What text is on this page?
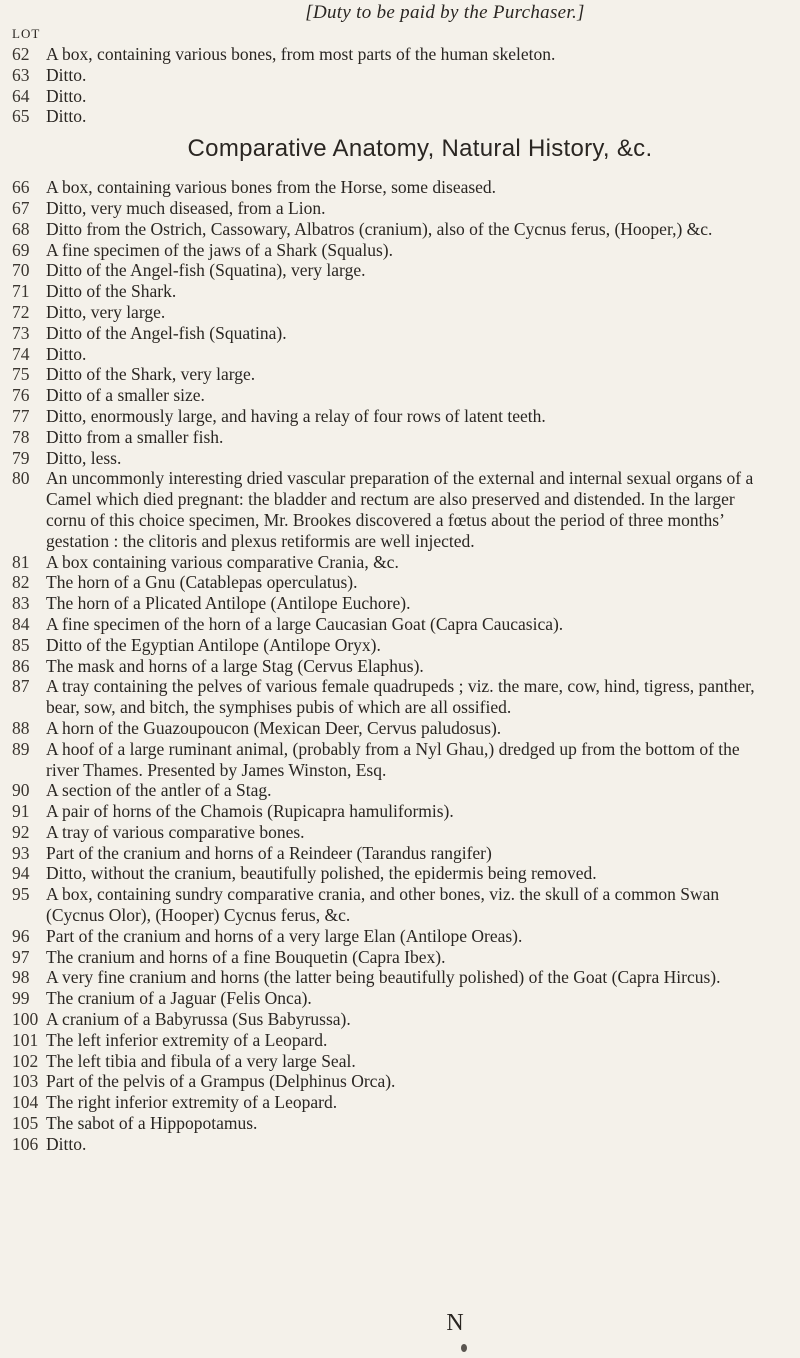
[Duty to be paid by the Purchaser.]
LOT
62 A box, containing various bones, from most parts of the human skeleton.
63 Ditto.
64 Ditto.
65 Ditto.
Comparative Anatomy, Natural History, &c.
66 A box, containing various bones from the Horse, some diseased.
67 Ditto, very much diseased, from a Lion.
68 Ditto from the Ostrich, Cassowary, Albatros (cranium), also of the Cycnus ferus, (Hooper,) &c.
69 A fine specimen of the jaws of a Shark (Squalus).
70 Ditto of the Angel-fish (Squatina), very large.
71 Ditto of the Shark.
72 Ditto, very large.
73 Ditto of the Angel-fish (Squatina).
74 Ditto.
75 Ditto of the Shark, very large.
76 Ditto of a smaller size.
77 Ditto, enormously large, and having a relay of four rows of latent teeth.
78 Ditto from a smaller fish.
79 Ditto, less.
80 An uncommonly interesting dried vascular preparation of the external and internal sexual organs of a Camel which died pregnant: the bladder and rectum are also preserved and distended. In the larger cornu of this choice specimen, Mr. Brookes discovered a fœtus about the period of three months’ gestation : the clitoris and plexus retiformis are well injected.
81 A box containing various comparative Crania, &c.
82 The horn of a Gnu (Catablepas operculatus).
83 The horn of a Plicated Antilope (Antilope Euchore).
84 A fine specimen of the horn of a large Caucasian Goat (Capra Caucasica).
85 Ditto of the Egyptian Antilope (Antilope Oryx).
86 The mask and horns of a large Stag (Cervus Elaphus).
87 A tray containing the pelves of various female quadrupeds ; viz. the mare, cow, hind, tigress, panther, bear, sow, and bitch, the symphises pubis of which are all ossified.
88 A horn of the Guazoupoucon (Mexican Deer, Cervus paludosus).
89 A hoof of a large ruminant animal, (probably from a Nyl Ghau,) dredged up from the bottom of the river Thames. Presented by James Winston, Esq.
90 A section of the antler of a Stag.
91 A pair of horns of the Chamois (Rupicapra hamuliformis).
92 A tray of various comparative bones.
93 Part of the cranium and horns of a Reindeer (Tarandus rangifer)
94 Ditto, without the cranium, beautifully polished, the epidermis being removed.
95 A box, containing sundry comparative crania, and other bones, viz. the skull of a common Swan (Cycnus Olor), (Hooper) Cycnus ferus, &c.
96 Part of the cranium and horns of a very large Elan (Antilope Oreas).
97 The cranium and horns of a fine Bouquetin (Capra Ibex).
98 A very fine cranium and horns (the latter being beautifully polished) of the Goat (Capra Hircus).
99 The cranium of a Jaguar (Felis Onca).
100 A cranium of a Babyrussa (Sus Babyrussa).
101 The left inferior extremity of a Leopard.
102 The left tibia and fibula of a very large Seal.
103 Part of the pelvis of a Grampus (Delphinus Orca).
104 The right inferior extremity of a Leopard.
105 The sabot of a Hippopotamus.
106 Ditto.
N
